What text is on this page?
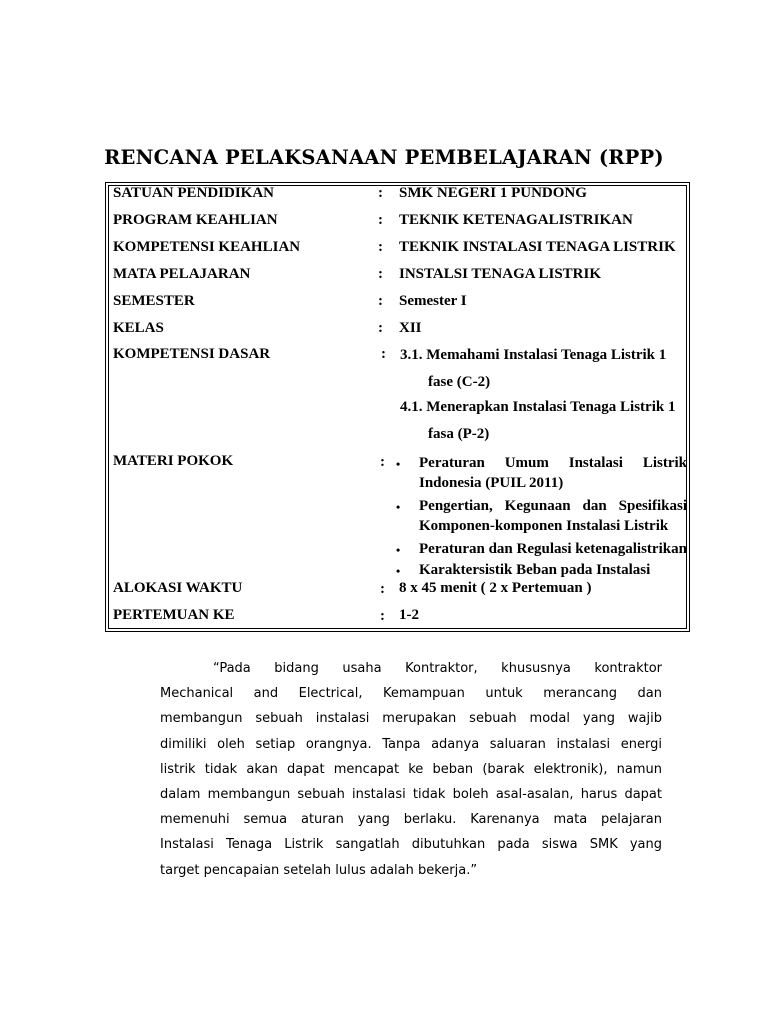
RENCANA PELAKSANAAN PEMBELAJARAN (RPP)
SATUAN PENDIDIKAN	: SMK NEGERI 1 PUNDONG
PROGRAM KEAHLIAN	: TEKNIK KETENAGALISTRIKAN
KOMPETENSI KEAHLIAN	: TEKNIK INSTALASI TENAGA LISTRIK
MATA PELAJARAN	: INSTALSI TENAGA LISTRIK
SEMESTER	: Semester I
KELAS	: XII
KOMPETENSI DASAR	: 3.1. Memahami Instalasi Tenaga Listrik 1
fase (C-2)
4.1. Menerapkan Instalasi Tenaga Listrik 1
fasa (P-2)
MATERI POKOK	: • Peraturan Umum Instalasi Listrik
Indonesia (PUIL 2011)
• Pengertian, Kegunaan dan Spesifikasi
Komponen-komponen Instalasi Listrik
• Peraturan dan Regulasi ketenagalistrikan
• Karaktersistik Beban pada Instalasi
ALOKASI WAKTU	: 8 x 45 menit ( 2 x Pertemuan )
PERTEMUAN KE	: 1-2
“Pada bidang usaha Kontraktor, khususnya kontraktor
Mechanical and Electrical, Kemampuan untuk merancang dan
membangun sebuah instalasi merupakan sebuah modal yang wajib
dimiliki oleh setiap orangnya. Tanpa adanya saluaran instalasi energi
listrik tidak akan dapat mencapat ke beban (barak elektronik), namun
dalam membangun sebuah instalasi tidak boleh asal-asalan, harus dapat
memenuhi semua aturan yang berlaku. Karenanya mata pelajaran
Instalasi Tenaga Listrik sangatlah dibutuhkan pada siswa SMK yang
target pencapaian setelah lulus adalah bekerja.”
